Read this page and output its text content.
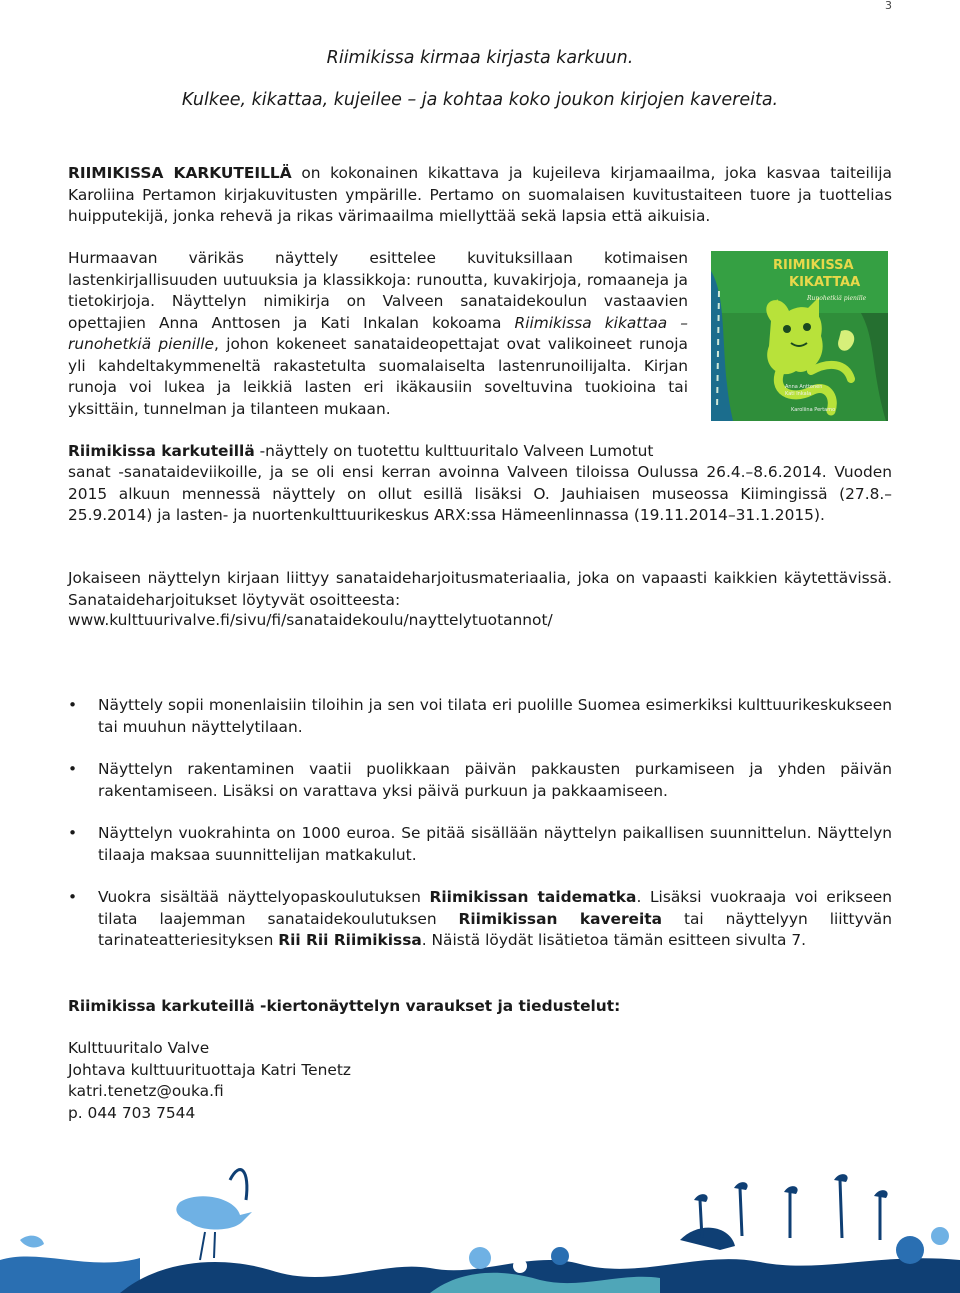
3
Riimikissa kirmaa kirjasta karkuun.
Kulkee, kikattaa, kujeilee – ja kohtaa koko joukon kirjojen kavereita.
RIIMIKISSA KARKUTEILLÄ on kokonainen kikattava ja kujeileva kirjamaailma, joka kasvaa taiteilija Karoliina Pertamon kirjakuvitusten ympärille. Pertamo on suomalaisen kuvitustaiteen tuore ja tuottelias huipputekijä, jonka rehevä ja rikas värimaailma miellyttää sekä lapsia että aikuisia.
Hurmaavan värikäs näyttely esittelee kuvituksillaan kotimaisen lastenkirjallisuuden uutuuksia ja klassikkoja: runoutta, kuvakirjoja, romaaneja ja tietokirjoja. Näyttelyn nimikirja on Valveen sanataidekoulun vastaavien opettajien Anna Anttosen ja Kati Inkalan kokoama Riimikissa kikattaa – runohetkiä pienille, johon kokeneet sanataideopettajat ovat valikoineet runoja yli kahdeltakymmeneltä rakastetulta suomalaiselta lastenrunoilijalta. Kirjan runoja voi lukea ja leikkiä lasten eri ikäkausiin soveltuvina tuokioina tai yksittäin, tunnelman ja tilanteen mukaan.
RIIMIKISSA
KIKATTAA
Runohetkiä pienille
Anna Anttonen Kati Inkala
Karoliina Pertamo
Riimikissa karkuteillä -näyttely on tuotettu kulttuuritalo Valveen Lumotut
sanat -sanataideviikoille, ja se oli ensi kerran avoinna Valveen tiloissa Oulussa 26.4.–8.6.2014. Vuoden 2015 alkuun mennessä näyttely on ollut esillä lisäksi O. Jauhiaisen museossa Kiimingissä (27.8.–25.9.2014) ja lasten- ja nuortenkulttuurikeskus ARX:ssa Hämeenlinnassa (19.11.2014–31.1.2015).
Jokaiseen näyttelyn kirjaan liittyy sanataideharjoitusmateriaalia, joka on vapaasti kaikkien käytettävissä. Sanataideharjoitukset löytyvät osoitteesta:
www.kulttuurivalve.fi/sivu/fi/sanataidekoulu/nayttelytuotannot/
• Näyttely sopii monenlaisiin tiloihin ja sen voi tilata eri puolille Suomea esimerkiksi kulttuurikeskukseen tai muuhun näyttelytilaan.
• Näyttelyn rakentaminen vaatii puolikkaan päivän pakkausten purkamiseen ja yhden päivän rakentamiseen. Lisäksi on varattava yksi päivä purkuun ja pakkaamiseen.
• Näyttelyn vuokrahinta on 1000 euroa. Se pitää sisällään näyttelyn paikallisen suunnittelun. Näyttelyn tilaaja maksaa suunnittelijan matkakulut.
• Vuokra sisältää näyttelyopaskoulutuksen Riimikissan taidematka. Lisäksi vuokraaja voi erikseen tilata laajemman sanataidekoulutuksen Riimikissan kavereita tai näyttelyyn liittyvän tarinateatteriesityksen Rii Rii Riimikissa. Näistä löydät lisätietoa tämän esitteen sivulta 7.
Riimikissa karkuteillä -kiertonäyttelyn varaukset ja tiedustelut:
Kulttuuritalo Valve
Johtava kulttuurituottaja Katri Tenetz
katri.tenetz@ouka.fi
p. 044 703 7544
